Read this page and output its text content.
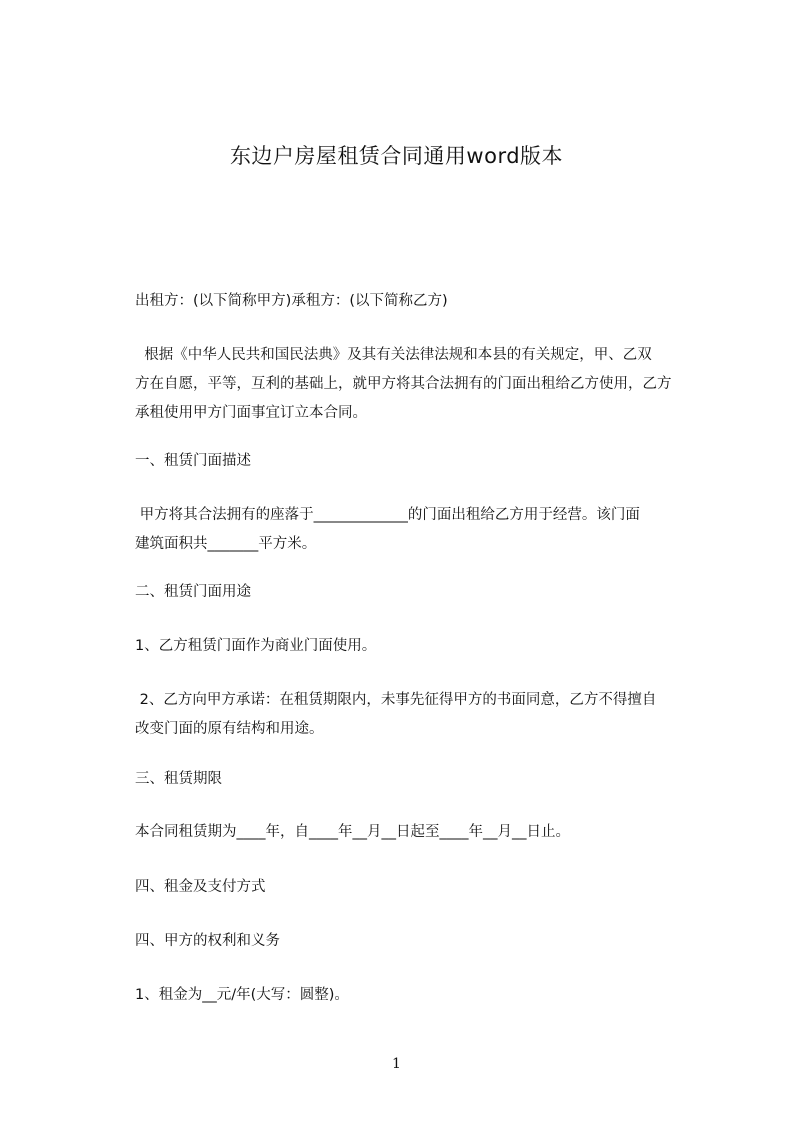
东边户房屋租赁合同通用word版本
出租方：(以下简称甲方)承租方：(以下简称乙方)
根据《中华人民共和国民法典》及其有关法律法规和本县的有关规定，甲、乙双
方在自愿，平等，互利的基础上，就甲方将其合法拥有的门面出租给乙方使用，乙方
承租使用甲方门面事宜订立本合同。
一、租赁门面描述
甲方将其合法拥有的座落于_____________的门面出租给乙方用于经营。该门面
建筑面积共_______平方米。
二、租赁门面用途
1、乙方租赁门面作为商业门面使用。
2、乙方向甲方承诺：在租赁期限内，未事先征得甲方的书面同意，乙方不得擅自
改变门面的原有结构和用途。
三、租赁期限
本合同租赁期为____年，自____年__月__日起至____年__月__日止。
四、租金及支付方式
四、甲方的权利和义务
1、租金为__元/年(大写：圆整)。
1
